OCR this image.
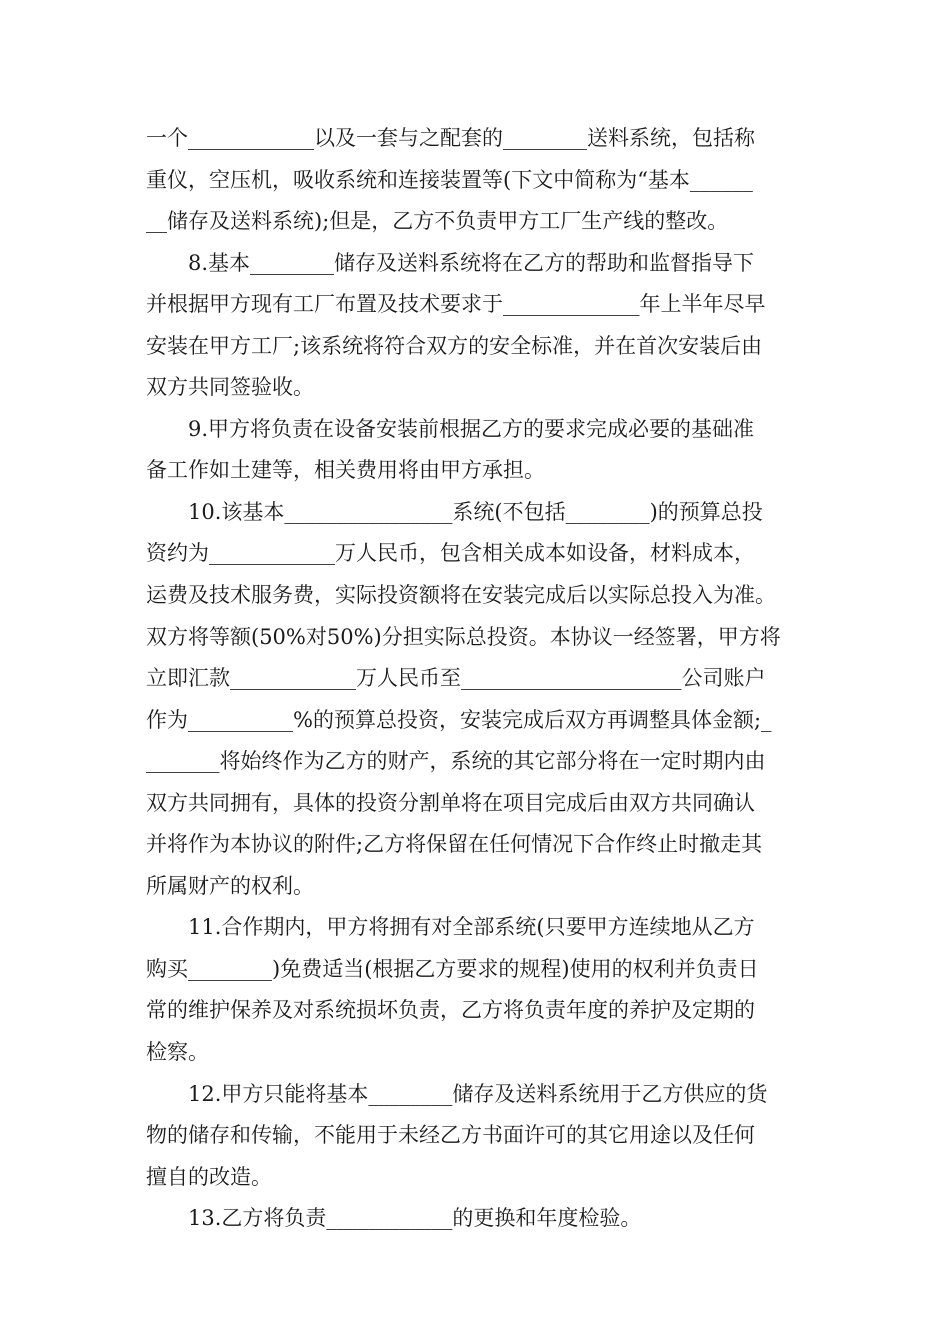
一个____________以及一套与之配套的________送料系统，包括称
重仪，空压机，吸收系统和连接装置等(下文中简称为“基本______
__储存及送料系统);但是，乙方不负责甲方工厂生产线的整改。
8.基本________储存及送料系统将在乙方的帮助和监督指导下
并根据甲方现有工厂布置及技术要求于_____________年上半年尽早
安装在甲方工厂;该系统将符合双方的安全标准，并在首次安装后由
双方共同签验收。
9.甲方将负责在设备安装前根据乙方的要求完成必要的基础准
备工作如土建等，相关费用将由甲方承担。
10.该基本________________系统(不包括________)的预算总投
资约为____________万人民币，包含相关成本如设备，材料成本，
运费及技术服务费，实际投资额将在安装完成后以实际总投入为准。
双方将等额(50%对50%)分担实际总投资。本协议一经签署，甲方将
立即汇款____________万人民币至_____________________公司账户
作为__________%的预算总投资，安装完成后双方再调整具体金额;_
_______将始终作为乙方的财产，系统的其它部分将在一定时期内由
双方共同拥有，具体的投资分割单将在项目完成后由双方共同确认
并将作为本协议的附件;乙方将保留在任何情况下合作终止时撤走其
所属财产的权利。
11.合作期内，甲方将拥有对全部系统(只要甲方连续地从乙方
购买________)免费适当(根据乙方要求的规程)使用的权利并负责日
常的维护保养及对系统损坏负责，乙方将负责年度的养护及定期的
检察。
12.甲方只能将基本________储存及送料系统用于乙方供应的货
物的储存和传输，不能用于未经乙方书面许可的其它用途以及任何
擅自的改造。
13.乙方将负责____________的更换和年度检验。
